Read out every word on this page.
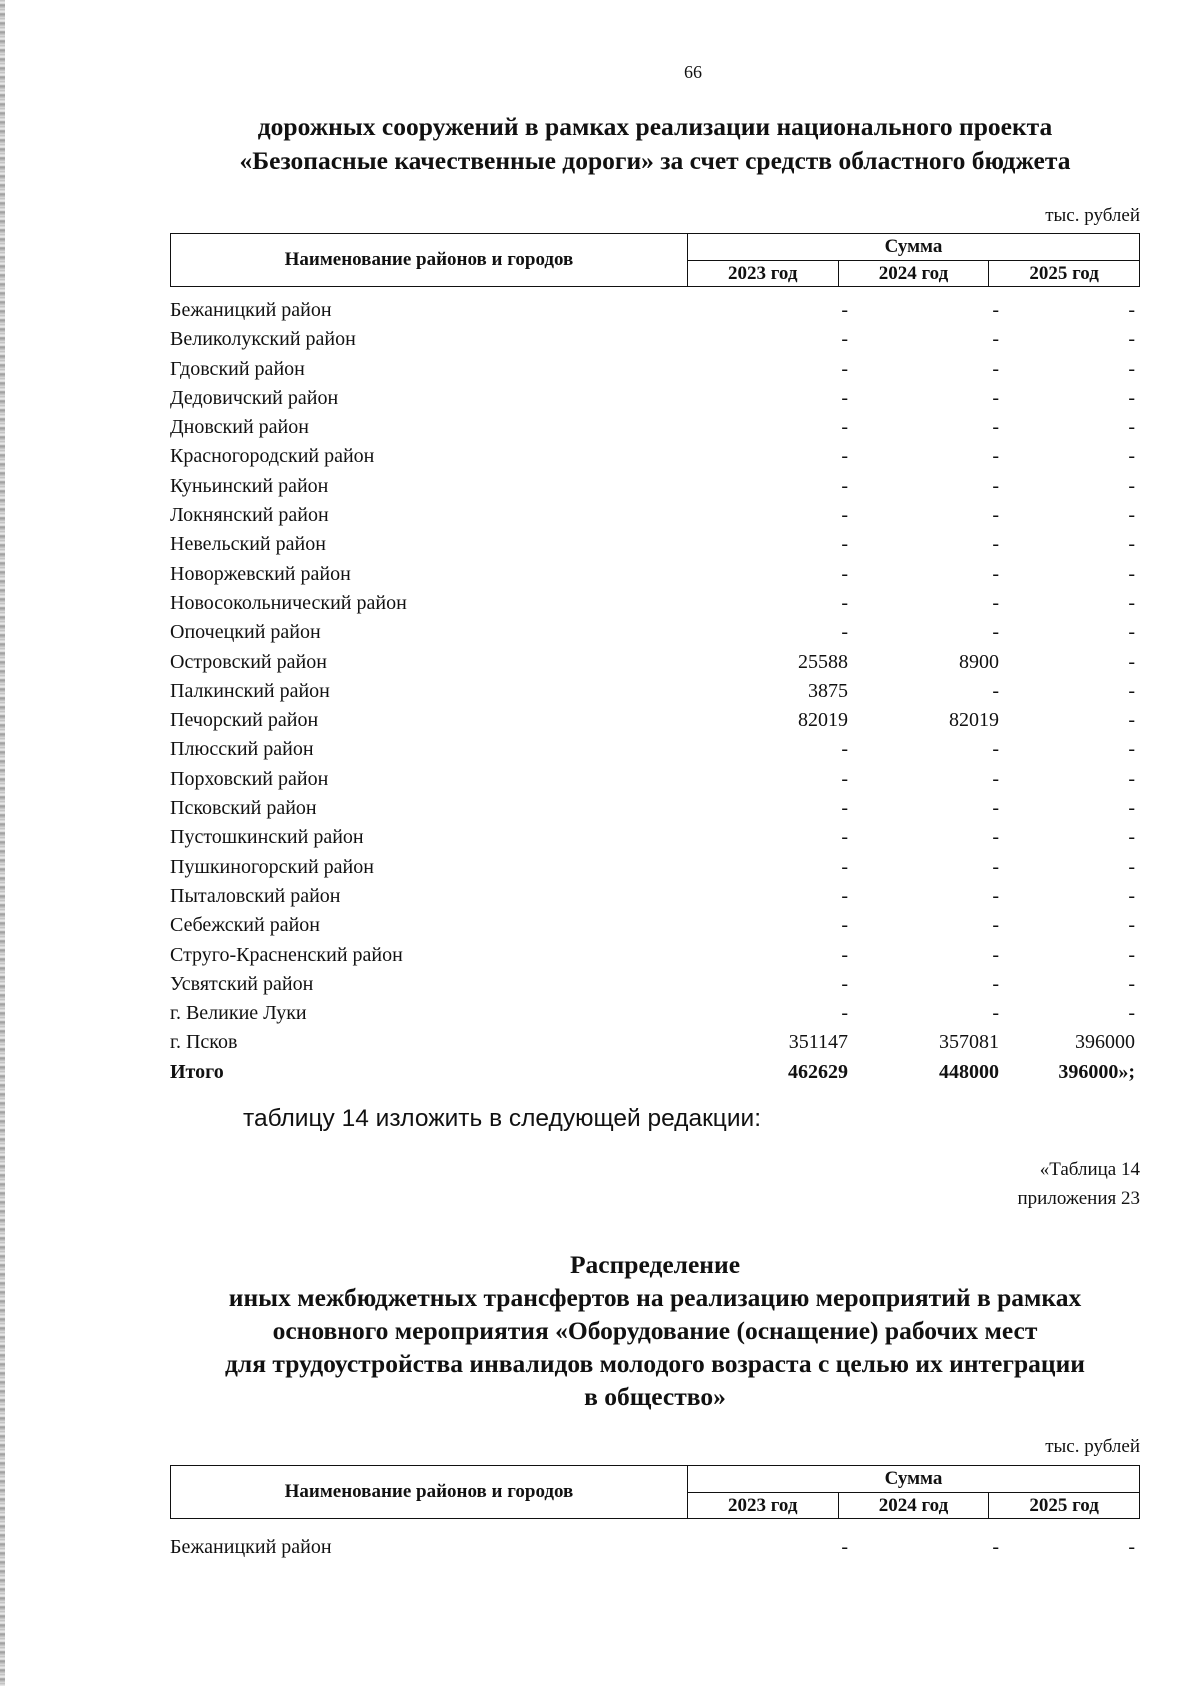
66
дорожных сооружений в рамках реализации национального проекта
«Безопасные качественные дороги» за счет средств областного бюджета
тыс. рублей
Наименование районов и городов	Сумма		
	2023 год	2024 год	2025 год
Бежаницкий район	-	-	-
Великолукский район	-	-	-
Гдовский район	-	-	-
Дедовичский район	-	-	-
Дновский район	-	-	-
Красногородский район	-	-	-
Куньинский район	-	-	-
Локнянский район	-	-	-
Невельский район	-	-	-
Новоржевский район	-	-	-
Новосокольнический район	-	-	-
Опочецкий район	-	-	-
Островский район	25588	8900	-
Палкинский район	3875	-	-
Печорский район	82019	82019	-
Плюсский район	-	-	-
Порховский район	-	-	-
Псковский район	-	-	-
Пустошкинский район	-	-	-
Пушкиногорский район	-	-	-
Пыталовский район	-	-	-
Себежский район	-	-	-
Струго-Красненский район	-	-	-
Усвятский район	-	-	-
г. Великие Луки	-	-	-
г. Псков	351147	357081	396000
Итого	462629	448000	396000»;
таблицу 14 изложить в следующей редакции:
«Таблица 14
приложения 23
Распределение
иных межбюджетных трансфертов на реализацию мероприятий в рамках
основного мероприятия «Оборудование (оснащение) рабочих мест
для трудоустройства инвалидов молодого возраста с целью их интеграции
в общество»
тыс. рублей
Наименование районов и городов	Сумма		
	2023 год	2024 год	2025 год
Бежаницкий район	-	-	-
